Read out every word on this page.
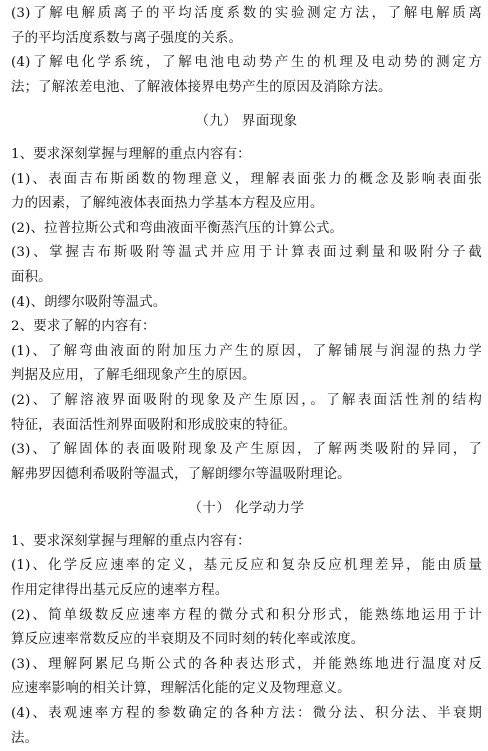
(3)了解电解质离子的平均活度系数的实验测定方法，了解电解质离
子的平均活度系数与离子强度的关系。
(4)了解电化学系统，了解电池电动势产生的机理及电动势的测定方
法；了解浓差电池、了解液体接界电势产生的原因及消除方法。
（九） 界面现象
1、要求深刻掌握与理解的重点内容有：
(1)、表面吉布斯函数的物理意义，理解表面张力的概念及影响表面张
力的因素，了解纯液体表面热力学基本方程及应用。
(2)、拉普拉斯公式和弯曲液面平衡蒸汽压的计算公式。
(3)、掌握吉布斯吸附等温式并应用于计算表面过剩量和吸附分子截
面积。
(4)、朗缪尔吸附等温式。
2、要求了解的内容有：
(1)、了解弯曲液面的附加压力产生的原因，了解铺展与润湿的热力学
判据及应用，了解毛细现象产生的原因。
(2)、了解溶液界面吸附的现象及产生原因，。了解表面活性剂的结构
特征，表面活性剂界面吸附和形成胶束的特征。
(3)、了解固体的表面吸附现象及产生原因，了解两类吸附的异同，了
解弗罗因德利希吸附等温式，了解朗缪尔等温吸附理论。
（十） 化学动力学
1、要求深刻掌握与理解的重点内容有：
(1)、化学反应速率的定义，基元反应和复杂反应机理差异，能由质量
作用定律得出基元反应的速率方程。
(2)、简单级数反应速率方程的微分式和积分形式，能熟练地运用于计
算反应速率常数反应的半衰期及不同时刻的转化率或浓度。
(3)、理解阿累尼乌斯公式的各种表达形式，并能熟练地进行温度对反
应速率影响的相关计算，理解活化能的定义及物理意义。
(4)、表观速率方程的参数确定的各种方法：微分法、积分法、半衰期
法。
